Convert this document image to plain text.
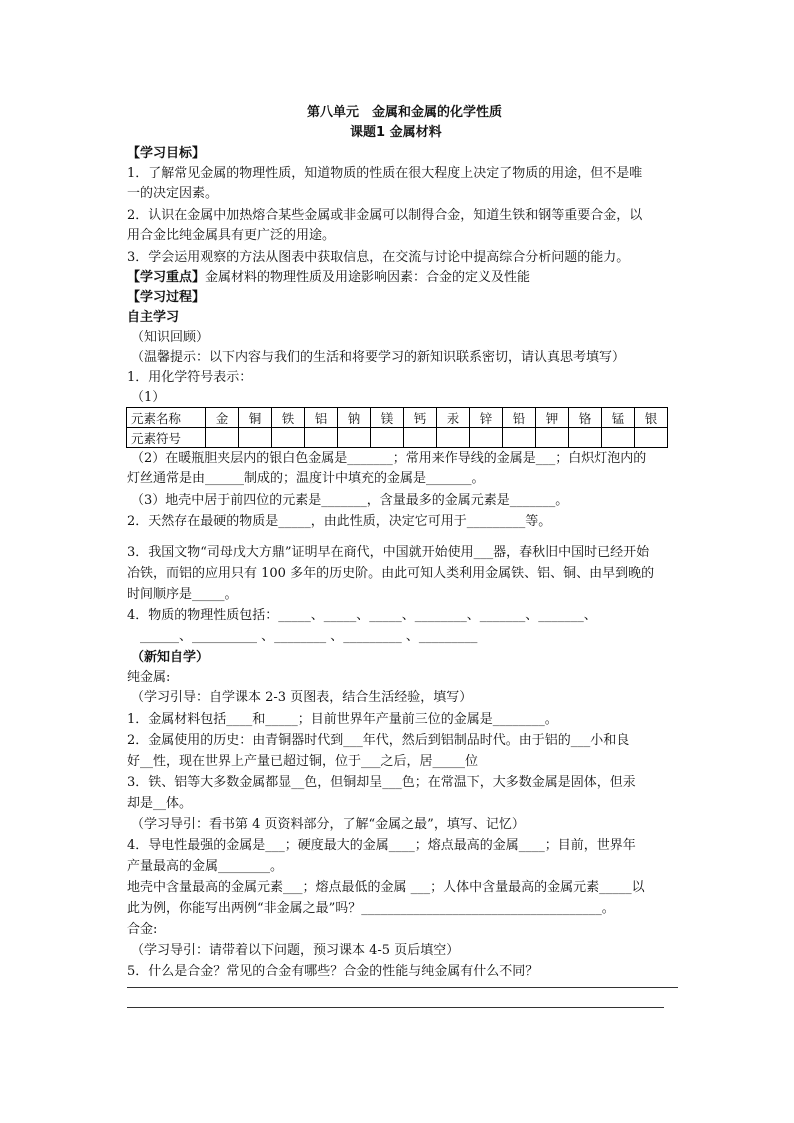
第八单元　金属和金属的化学性质
课题1 金属材料
【学习目标】
1．了解常见金属的物理性质，知道物质的性质在很大程度上决定了物质的用途，但不是唯
一的决定因素。
2．认识在金属中加热熔合某些金属或非金属可以制得合金，知道生铁和钢等重要合金，以
用合金比纯金属具有更广泛的用途。
3．学会运用观察的方法从图表中获取信息，在交流与讨论中提高综合分析问题的能力。
【学习重点】金属材料的物理性质及用途影响因素：合金的定义及性能
【学习过程】
自主学习
（知识回顾）
（温馨提示：以下内容与我们的生活和将要学习的新知识联系密切，请认真思考填写）
1．用化学符号表示：
（1）
元素名称	金	铜	铁	铝	钠	镁	钙	汞	锌	铅	钾	铬	锰	银
元素符号														
（2）在暖瓶胆夹层内的银白色金属是_______；常用来作导线的金属是___；白炽灯泡内的
灯丝通常是由______制成的；温度计中填充的金属是_______。
（3）地壳中居于前四位的元素是_______，含量最多的金属元素是_______。
2．天然存在最硬的物质是_____，由此性质，决定它可用于_________等。
3．我国文物“司母戊大方鼎”证明早在商代，中国就开始使用___器，春秋旧中国时已经开始
冶铁，而铝的应用只有 100 多年的历史阶。由此可知人类利用金属铁、铝、铜、由早到晚的
时间顺序是_____。
4．物质的物理性质包括：_____、_____、_____、________、_______、_______、
______、__________ 、________ 、_________ 、_________
（新知自学）
纯金属:
（学习引导：自学课本 2-3 页图表，结合生活经验，填写）
1．金属材料包括____和_____；目前世界年产量前三位的金属是________。
2．金属使用的历史：由青铜器时代到___年代，然后到铝制品时代。由于铝的___小和良
好__性，现在世界上产量已超过铜，位于___之后，居_____位
3．铁、铝等大多数金属都显__色，但铜却呈___色；在常温下，大多数金属是固体，但汞
却是__体。
（学习导引：看书第 4 页资料部分，了解“金属之最”，填写、记忆）
4．导电性最强的金属是___；硬度最大的金属____；熔点最高的金属____；目前，世界年
产量最高的金属________。
地壳中含量最高的金属元素___；熔点最低的金属 ___；人体中含量最高的金属元素_____以
此为例，你能写出两例“非金属之最”吗？_____________________________________。
合金:
（学习导引：请带着以下问题，预习课本 4-5 页后填空）
5．什么是合金？常见的合金有哪些？合金的性能与纯金属有什么不同？
